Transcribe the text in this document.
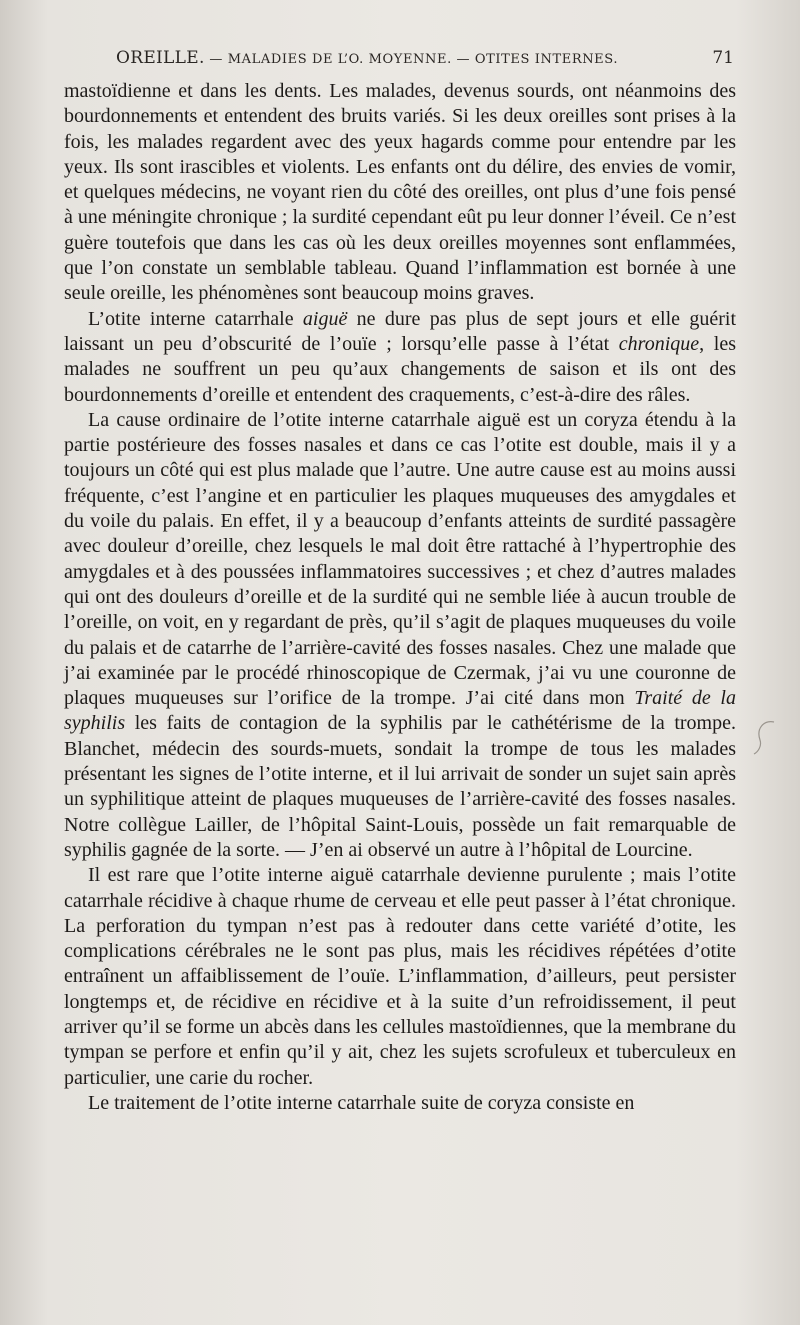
OREILLE. — MALADIES DE L’O. MOYENNE. — OTITES INTERNES.	71

mastoïdienne et dans les dents. Les malades, devenus sourds, ont néanmoins des bourdonnements et entendent des bruits variés. Si les deux oreilles sont prises à la fois, les malades regardent avec des yeux hagards comme pour entendre par les yeux. Ils sont irascibles et violents. Les enfants ont du délire, des envies de vomir, et quelques médecins, ne voyant rien du côté des oreilles, ont plus d’une fois pensé à une méningite chronique ; la surdité cependant eût pu leur donner l’éveil. Ce n’est guère toutefois que dans les cas où les deux oreilles moyennes sont enflammées, que l’on constate un semblable tableau. Quand l’inflammation est bornée à une seule oreille, les phénomènes sont beaucoup moins graves.

L’otite interne catarrhale aiguë ne dure pas plus de sept jours et elle guérit laissant un peu d’obscurité de l’ouïe ; lorsqu’elle passe à l’état chronique, les malades ne souffrent un peu qu’aux changements de saison et ils ont des bourdonnements d’oreille et entendent des craquements, c’est-à-dire des râles.

La cause ordinaire de l’otite interne catarrhale aiguë est un coryza étendu à la partie postérieure des fosses nasales et dans ce cas l’otite est double, mais il y a toujours un côté qui est plus malade que l’autre. Une autre cause est au moins aussi fréquente, c’est l’angine et en particulier les plaques muqueuses des amygdales et du voile du palais. En effet, il y a beaucoup d’enfants atteints de surdité passagère avec douleur d’oreille, chez lesquels le mal doit être rattaché à l’hypertrophie des amygdales et à des poussées inflammatoires successives ; et chez d’autres malades qui ont des douleurs d’oreille et de la surdité qui ne semble liée à aucun trouble de l’oreille, on voit, en y regardant de près, qu’il s’agit de plaques muqueuses du voile du palais et de catarrhe de l’arrière-cavité des fosses nasales. Chez une malade que j’ai examinée par le procédé rhinoscopique de Czermak, j’ai vu une couronne de plaques muqueuses sur l’orifice de la trompe. J’ai cité dans mon Traité de la syphilis les faits de contagion de la syphilis par le cathétérisme de la trompe. Blanchet, médecin des sourds-muets, sondait la trompe de tous les malades présentant les signes de l’otite interne, et il lui arrivait de sonder un sujet sain après un syphilitique atteint de plaques muqueuses de l’arrière-cavité des fosses nasales. Notre collègue Lailler, de l’hôpital Saint-Louis, possède un fait remarquable de syphilis gagnée de la sorte. — J’en ai observé un autre à l’hôpital de Lourcine.

Il est rare que l’otite interne aiguë catarrhale devienne purulente ; mais l’otite catarrhale récidive à chaque rhume de cerveau et elle peut passer à l’état chronique. La perforation du tympan n’est pas à redouter dans cette variété d’otite, les complications cérébrales ne le sont pas plus, mais les récidives répétées d’otite entraînent un affaiblissement de l’ouïe. L’inflammation, d’ailleurs, peut persister longtemps et, de récidive en récidive et à la suite d’un refroidissement, il peut arriver qu’il se forme un abcès dans les cellules mastoïdiennes, que la membrane du tympan se perfore et enfin qu’il y ait, chez les sujets scrofuleux et tuberculeux en particulier, une carie du rocher.

Le traitement de l’otite interne catarrhale suite de coryza consiste en
